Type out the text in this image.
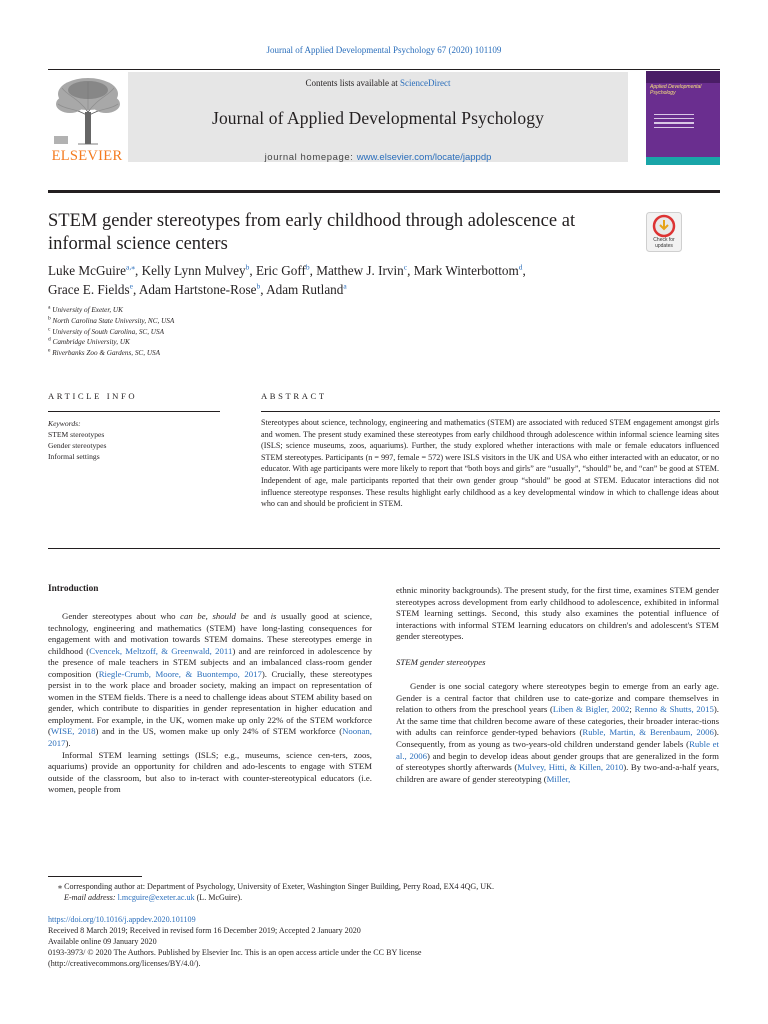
Journal of Applied Developmental Psychology 67 (2020) 101109
ELSEVIER
Contents lists available at ScienceDirect
Journal of Applied Developmental Psychology
journal homepage: www.elsevier.com/locate/jappdp
Applied Developmental Psychology
STEM gender stereotypes from early childhood through adolescence at
informal science centers	Check for updates
Luke McGuire$^{a,⁎}$, Kelly Lynn Mulvey$^b$, Eric Goff$^b$, Matthew J. Irvin$^c$, Mark Winterbottom$^d$,
Grace E. Fields$^e$, Adam Hartstone-Rose$^b$, Adam Rutland$^a$
$^a$ University of Exeter, UK
$^b$ North Carolina State University, NC, USA
$^c$ University of South Carolina, SC, USA
$^d$ Cambridge University, UK
$^e$ Riverbanks Zoo & Gardens, SC, USA
ARTICLE INFO	ABSTRACT
Keywords:
STEM stereotypes
Gender stereotypes
Informal settings
Stereotypes about science, technology, engineering and mathematics (STEM) are associated with reduced STEM engagement amongst girls and women. The present study examined these stereotypes from early childhood through adolescence within informal science learning sites (ISLS; science museums, zoos, aquariums). Further, the study explored whether interactions with male or female educators influenced STEM stereotypes. Participants (n = 997, female = 572) were ISLS visitors in the UK and USA who either interacted with an educator, or no educator. With age participants were more likely to report that “both boys and girls” are “usually”, “should” be, and “can” be good at STEM. Independent of age, male participants reported that their own gender group “should” be good at STEM. Educator interactions did not influence stereotype responses. These results highlight early childhood as a key developmental window in which to challenge ideas about who can and should be proficient in STEM.
Introduction

Gender stereotypes about who can be, should be and is usually good at science, technology, engineering and mathematics (STEM) have long-lasting consequences for engagement with and motivation towards STEM domains. These stereotypes emerge in childhood (Cvencek, Meltzoff, & Greenwald, 2011) and are reinforced in adolescence by the presence of male teachers in STEM subjects and an imbalanced class-room gender composition (Riegle-Crumb, Moore, & Buontempo, 2017). Crucially, these stereotypes persist in to the work place and broader society, making an impact on representation of women in the STEM fields. There is a need to challenge ideas about STEM ability based on gender, which contribute to disparities in gender representation in higher education and employment. For example, in the UK, women make up only 22% of the STEM workforce (WISE, 2018) and in the US, women make up only 24% of STEM workforce (Noonan, 2017).

Informal STEM learning settings (ISLS; e.g., museums, science cen-ters, zoos, aquariums) provide an opportunity for children and ado-lescents to engage with STEM outside of the classroom, but also to in-teract with counter-stereotypical educators (i.e. women, people from

ethnic minority backgrounds). The present study, for the first time, examines STEM gender stereotypes across development from early childhood to adolescence, exhibited in informal STEM learning settings. Second, this study also examines the potential influence of interactions with informal STEM learning educators on children's and adolescent's STEM gender stereotypes.

STEM gender stereotypes

Gender is one social category where stereotypes begin to emerge from an early age. Gender is a central factor that children use to cate-gorize and compare themselves in relation to others from the preschool years (Liben & Bigler, 2002; Renno & Shutts, 2015). At the same time that children become aware of these categories, their broader interac-tions with adults can reinforce gender-typed behaviors (Ruble, Martin, & Berenbaum, 2006). Consequently, from as young as two-years-old children understand gender labels (Ruble et al., 2006) and begin to develop ideas about gender groups that are generalized in the form of stereotypes shortly afterwards (Mulvey, Hitti, & Killen, 2010). By two-and-a-half years, children are aware of gender stereotyping (Miller,

⁎ Corresponding author at: Department of Psychology, University of Exeter, Washington Singer Building, Perry Road, EX4 4QG, UK.
E-mail address: l.mcguire@exeter.ac.uk (L. McGuire).
https://doi.org/10.1016/j.appdev.2020.101109
Received 8 March 2019; Received in revised form 16 December 2019; Accepted 2 January 2020
Available online 09 January 2020
0193-3973/ © 2020 The Authors. Published by Elsevier Inc. This is an open access article under the CC BY license
(http://creativecommons.org/licenses/BY/4.0/).
